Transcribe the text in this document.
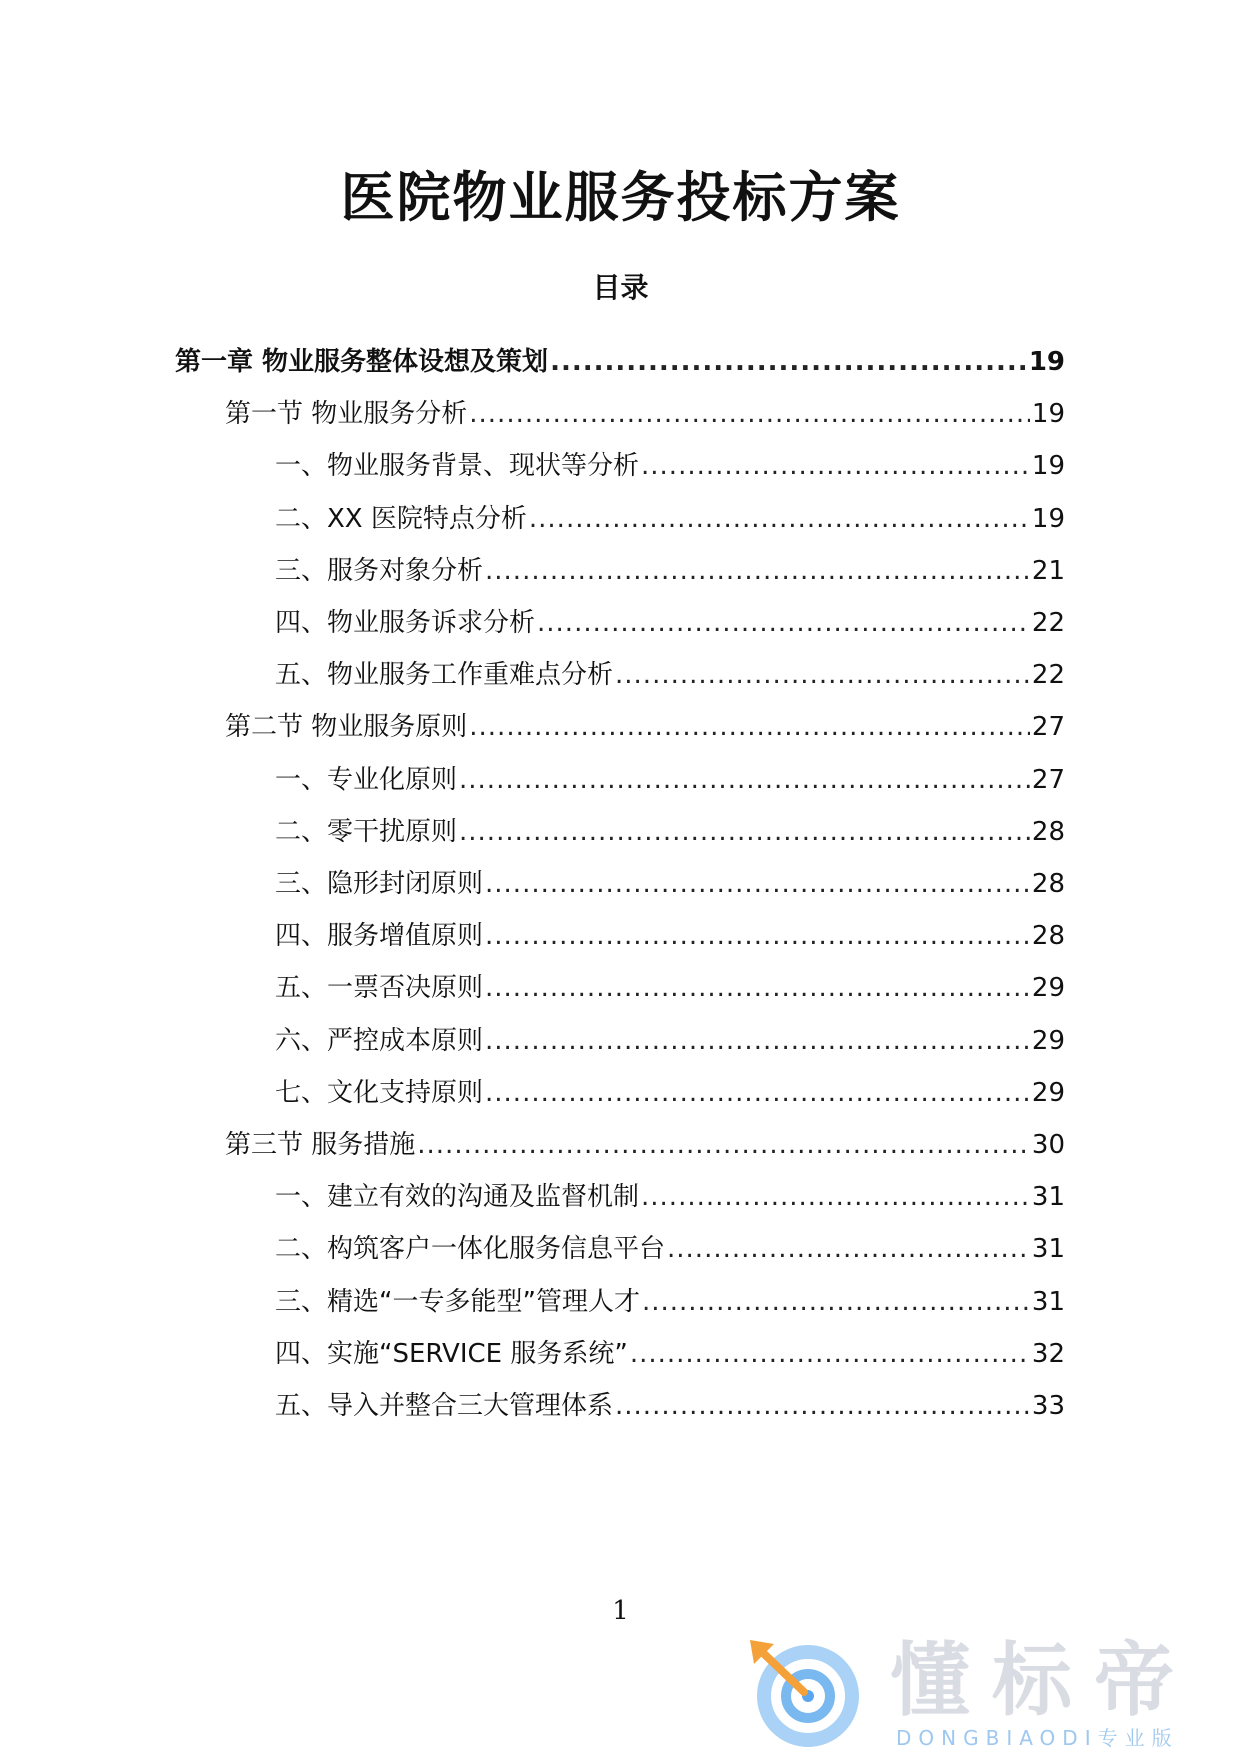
医院物业服务投标方案
目录
第一章 物业服务整体设想及策划 .....	19
第一节 物业服务分析 .....	19
一、物业服务背景、现状等分析 .....	19
二、XX 医院特点分析 .....	19
三、服务对象分析 .....	21
四、物业服务诉求分析 .....	22
五、物业服务工作重难点分析 .....	22
第二节 物业服务原则 .....	27
一、专业化原则 .....	27
二、零干扰原则 .....	28
三、隐形封闭原则 .....	28
四、服务增值原则 .....	28
五、一票否决原则 .....	29
六、严控成本原则 .....	29
七、文化支持原则 .....	29
第三节 服务措施 .....	30
一、建立有效的沟通及监督机制 .....	31
二、构筑客户一体化服务信息平台 .....	31
三、精选“一专多能型”管理人才 .....	31
四、实施“SERVICE 服务系统” .....	32
五、导入并整合三大管理体系 .....	33
1
懂标帝
DONGBIAODI专业版
